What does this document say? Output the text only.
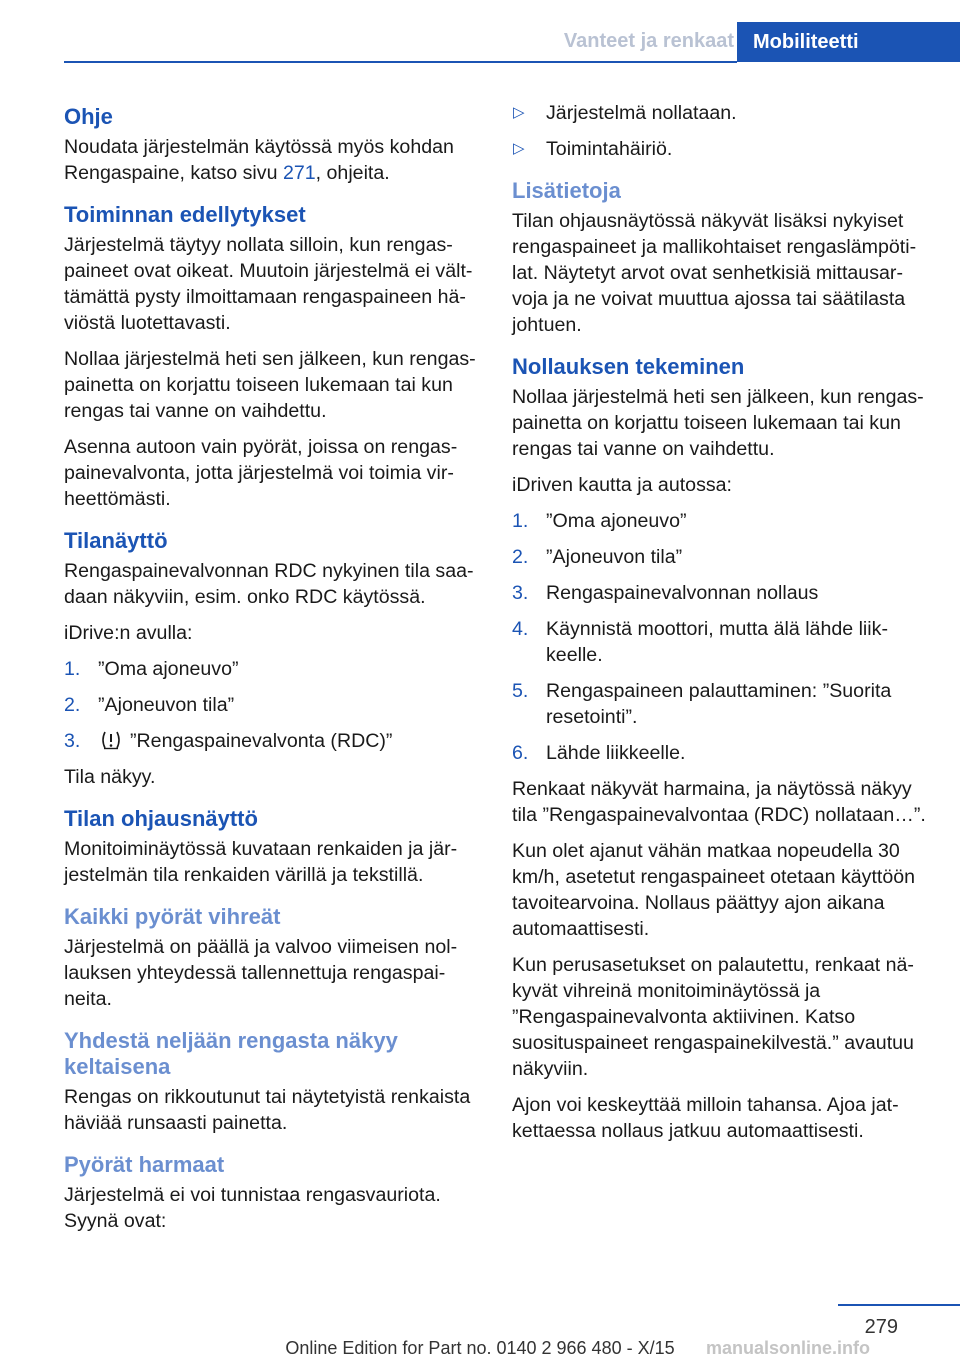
Vanteet ja renkaat Mobiliteetti
Ohje

Noudata järjestelmän käytössä myös kohdan Rengaspaine, katso sivu 271, ohjeita.

Toiminnan edellytykset

Järjestelmä täytyy nollata silloin, kun rengaspaineet ovat oikeat. Muutoin järjestelmä ei välttämättä pysty ilmoittamaan rengaspaineen häviöstä luotettavasti.

Nollaa järjestelmä heti sen jälkeen, kun rengaspainetta on korjattu toiseen lukemaan tai kun rengas tai vanne on vaihdettu.

Asenna autoon vain pyörät, joissa on rengaspainevalvonta, jotta järjestelmä voi toimia virheettömästi.

Tilanäyttö

Rengaspainevalvonnan RDC nykyinen tila saadaan näkyviin, esim. onko RDC käytössä.

iDrive:n avulla:

1. ”Oma ajoneuvo”
2. ”Ajoneuvon tila”
3.	”Rengaspainevalvonta (RDC)”

Tila näkyy.

Tilan ohjausnäyttö

Monitoiminäytössä kuvataan renkaiden ja järjestelmän tila renkaiden värillä ja tekstillä.

Kaikki pyörät vihreät

Järjestelmä on päällä ja valvoo viimeisen nollauksen yhteydessä tallennettuja rengaspaineita.

Yhdestä neljään rengasta näkyy keltaisena

Rengas on rikkoutunut tai näytetyistä renkaista häviää runsaasti painetta.

Pyörät harmaat

Järjestelmä ei voi tunnistaa rengasvauriota. Syynä ovat:

▷ Järjestelmä nollataan.
▷ Toimintahäiriö.
Lisätietoja

Tilan ohjausnäytössä näkyvät lisäksi nykyiset rengaspaineet ja mallikohtaiset rengaslämpötilat. Näytetyt arvot ovat senhetkisiä mittausarvoja ja ne voivat muuttua ajossa tai säätilasta johtuen.

Nollauksen tekeminen

Nollaa järjestelmä heti sen jälkeen, kun rengaspainetta on korjattu toiseen lukemaan tai kun rengas tai vanne on vaihdettu.

iDriven kautta ja autossa:

1. ”Oma ajoneuvo”
2. ”Ajoneuvon tila”
3. Rengaspainevalvonnan nollaus
4. Käynnistä moottori, mutta älä lähde liikkeelle.
5. Rengaspaineen palauttaminen: ”Suorita resetointi”.
6. Lähde liikkeelle.

Renkaat näkyvät harmaina, ja näytössä näkyy tila ”Rengaspainevalvontaa (RDC) nollataan…”.

Kun olet ajanut vähän matkaa nopeudella 30 km/h, asetetut rengaspaineet otetaan käyttöön tavoitearvoina. Nollaus päättyy ajon aikana automaattisesti.

Kun perusasetukset on palautettu, renkaat näkyvät vihreinä monitoiminäytössä ja ”Rengaspainevalvonta aktiivinen. Katso suosituspaineet rengaspainekilvestä.” avautuu näkyviin.

Ajon voi keskeyttää milloin tahansa. Ajoa jatkettaessa nollaus jatkuu automaattisesti.

279
Online Edition for Part no. 0140 2 966 480 - X/15	manualsonline.info
